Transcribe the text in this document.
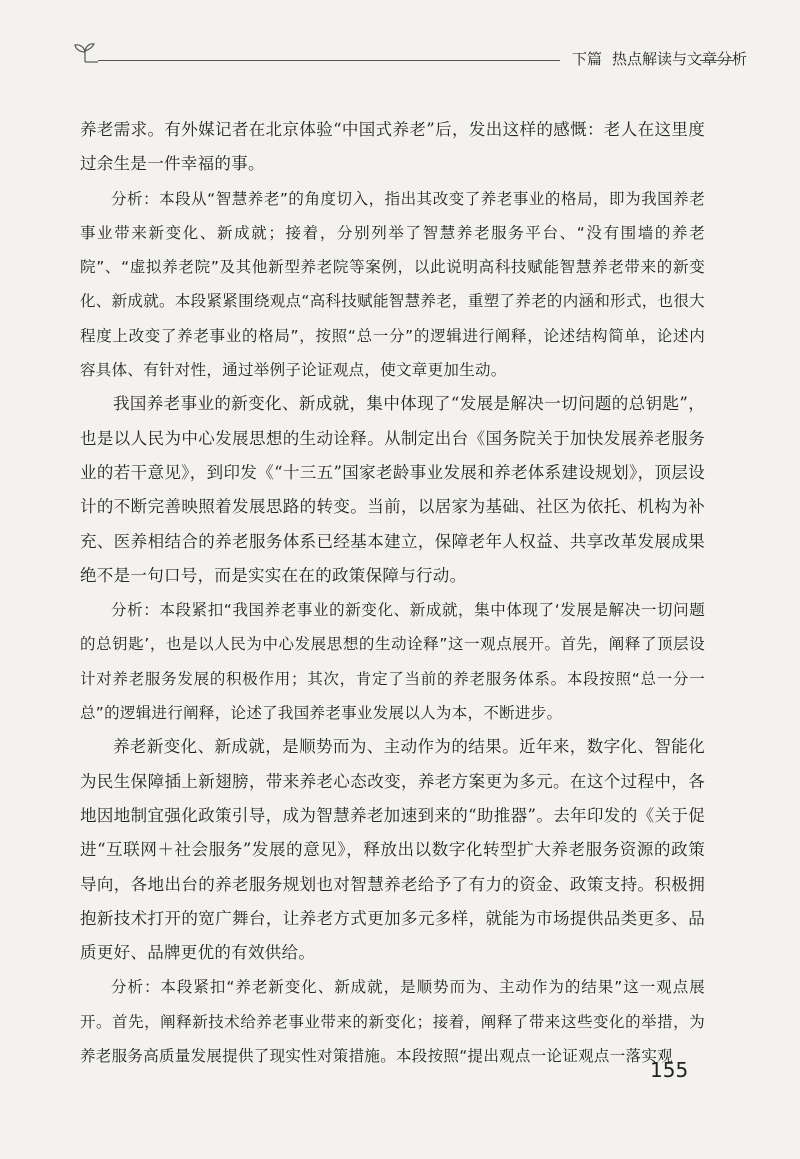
下篇 热点解读与文章分析

养老需求。有外媒记者在北京体验“中国式养老”后，发出这样的感慨：老人在这里度过余生是一件幸福的事。

分析：本段从“智慧养老”的角度切入，指出其改变了养老事业的格局，即为我国养老事业带来新变化、新成就；接着，分别列举了智慧养老服务平台、“没有围墙的养老院”、“虚拟养老院”及其他新型养老院等案例，以此说明高科技赋能智慧养老带来的新变化、新成就。本段紧紧围绕观点“高科技赋能智慧养老，重塑了养老的内涵和形式，也很大程度上改变了养老事业的格局”，按照“总一分”的逻辑进行阐释，论述结构简单，论述内容具体、有针对性，通过举例子论证观点，使文章更加生动。

我国养老事业的新变化、新成就，集中体现了“发展是解决一切问题的总钥匙”，也是以人民为中心发展思想的生动诠释。从制定出台《国务院关于加快发展养老服务业的若干意见》，到印发《“十三五”国家老龄事业发展和养老体系建设规划》，顶层设计的不断完善映照着发展思路的转变。当前，以居家为基础、社区为依托、机构为补充、医养相结合的养老服务体系已经基本建立，保障老年人权益、共享改革发展成果绝不是一句口号，而是实实在在的政策保障与行动。

分析：本段紧扣“我国养老事业的新变化、新成就，集中体现了‘发展是解决一切问题的总钥匙’，也是以人民为中心发展思想的生动诠释”这一观点展开。首先，阐释了顶层设计对养老服务发展的积极作用；其次，肯定了当前的养老服务体系。本段按照“总一分一总”的逻辑进行阐释，论述了我国养老事业发展以人为本，不断进步。

养老新变化、新成就，是顺势而为、主动作为的结果。近年来，数字化、智能化为民生保障插上新翅膀，带来养老心态改变，养老方案更为多元。在这个过程中，各地因地制宜强化政策引导，成为智慧养老加速到来的“助推器”。去年印发的《关于促进“互联网＋社会服务”发展的意见》，释放出以数字化转型扩大养老服务资源的政策导向，各地出台的养老服务规划也对智慧养老给予了有力的资金、政策支持。积极拥抱新技术打开的宽广舞台，让养老方式更加多元多样，就能为市场提供品类更多、品质更好、品牌更优的有效供给。

分析：本段紧扣“养老新变化、新成就，是顺势而为、主动作为的结果”这一观点展开。首先，阐释新技术给养老事业带来的新变化；接着，阐释了带来这些变化的举措，为养老服务高质量发展提供了现实性对策措施。本段按照“提出观点一论证观点一落实观

155
